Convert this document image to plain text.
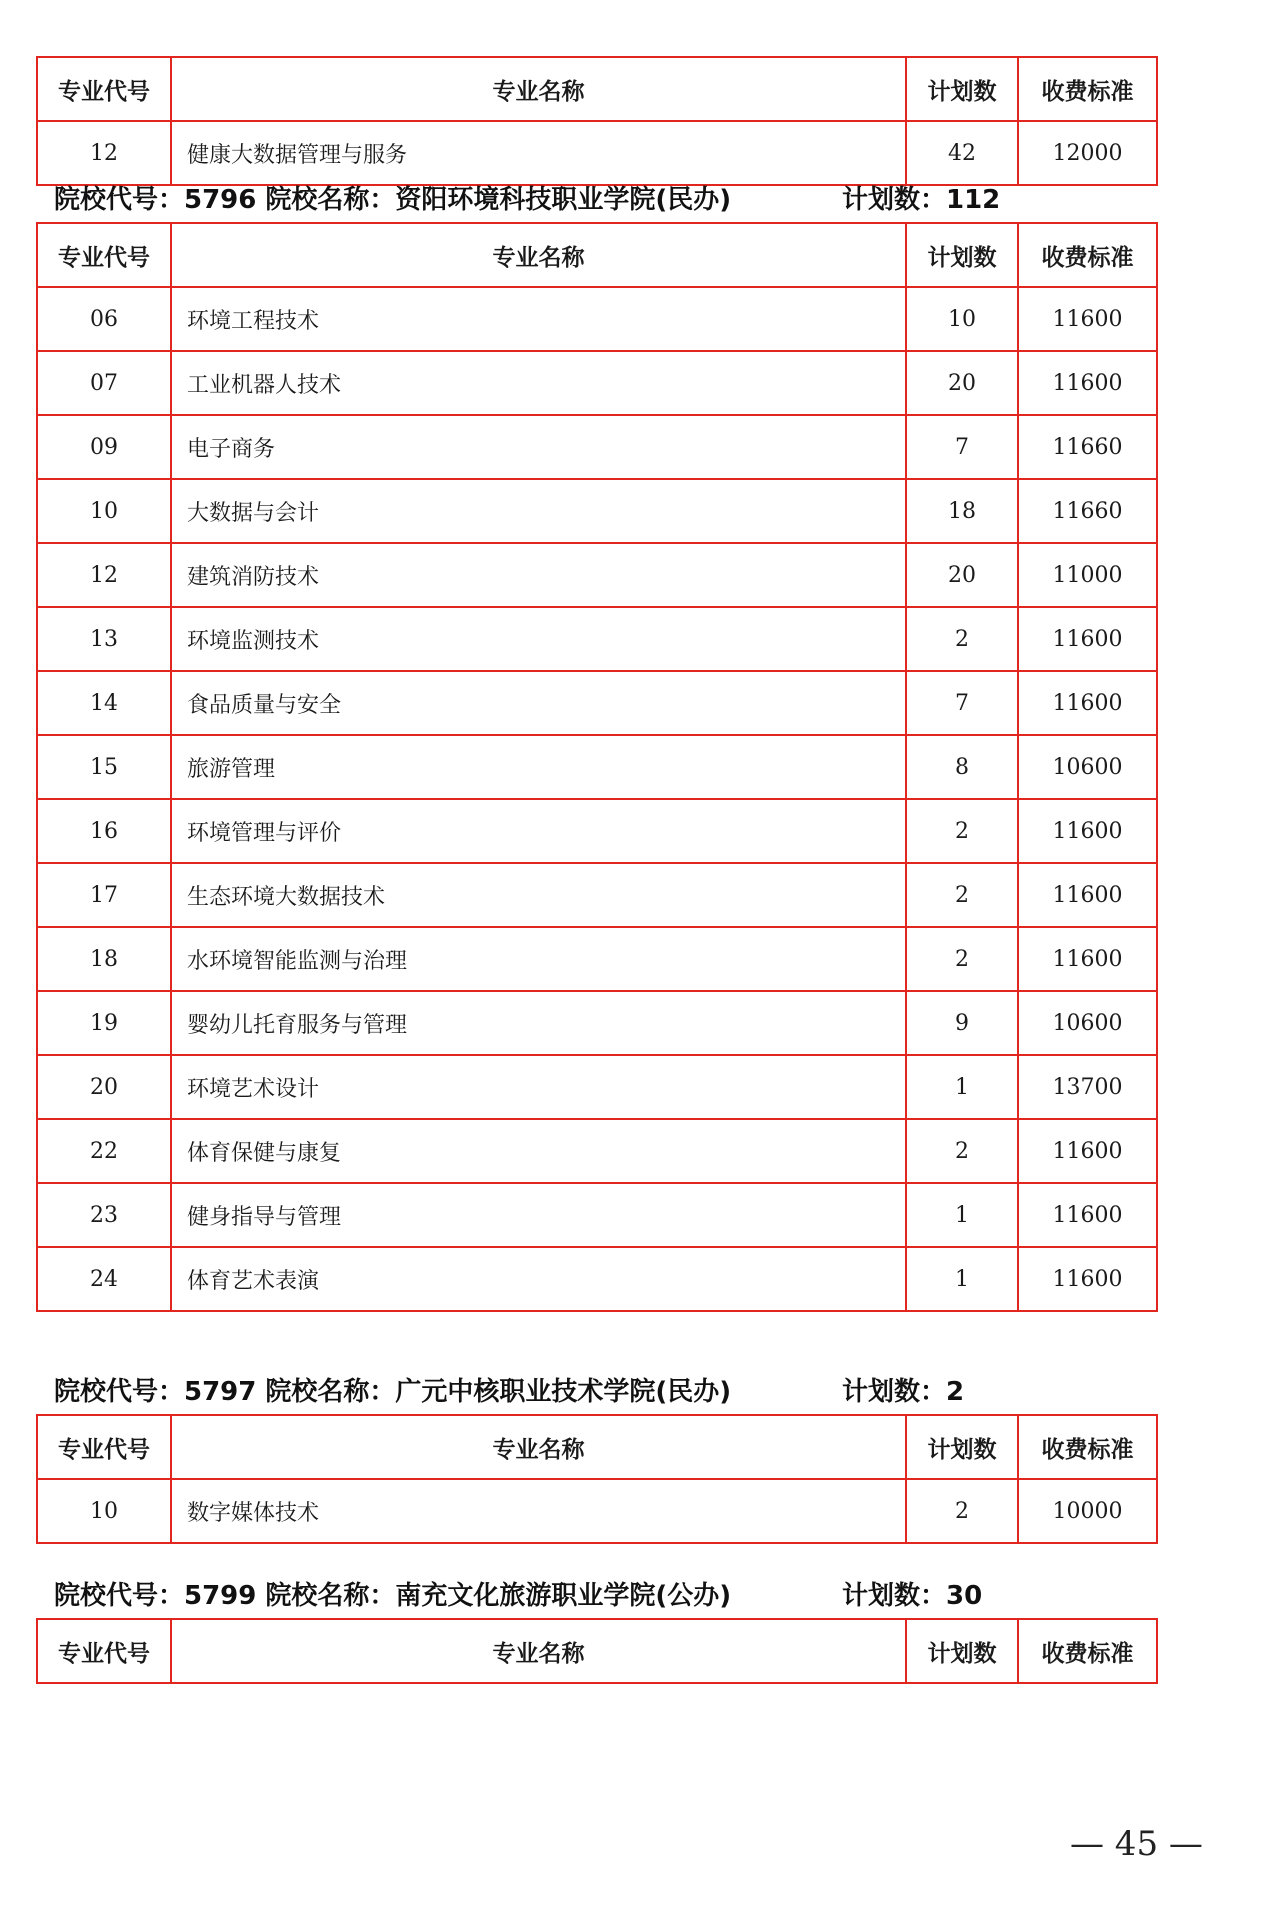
专业代号	专业名称	计划数	收费标准
12	健康大数据管理与服务	42	12000
院校代号：5796 院校名称：资阳环境科技职业学院(民办)	计划数：112
专业代号	专业名称	计划数	收费标准
06	环境工程技术	10	11600
07	工业机器人技术	20	11600
09	电子商务	7	11660
10	大数据与会计	18	11660
12	建筑消防技术	20	11000
13	环境监测技术	2	11600
14	食品质量与安全	7	11600
15	旅游管理	8	10600
16	环境管理与评价	2	11600
17	生态环境大数据技术	2	11600
18	水环境智能监测与治理	2	11600
19	婴幼儿托育服务与管理	9	10600
20	环境艺术设计	1	13700
22	体育保健与康复	2	11600
23	健身指导与管理	1	11600
24	体育艺术表演	1	11600
院校代号：5797 院校名称：广元中核职业技术学院(民办)	计划数：2
专业代号	专业名称	计划数	收费标准
10	数字媒体技术	2	10000
院校代号：5799 院校名称：南充文化旅游职业学院(公办)	计划数：30
专业代号	专业名称	计划数	收费标准
— 45 —
